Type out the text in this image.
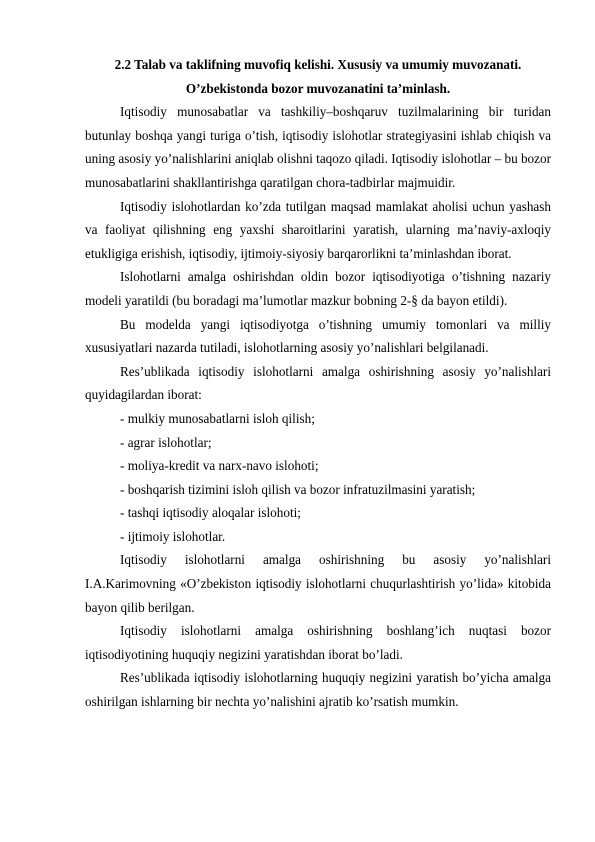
2.2 Talab va taklifning muvofiq kelishi. Xususiy va umumiy muvozanati.

O’zbekistonda bozor muvozanatini ta’minlash.

Iqtisodiy munosabatlar va tashkiliy–boshqaruv tuzilmalarining bir turidan butunlay boshqa yangi turiga o’tish, iqtisodiy islohotlar strategiyasini ishlab chiqish va uning asosiy yo’nalishlarini aniqlab olishni taqozo qiladi. Iqtisodiy islohotlar – bu bozor munosabatlarini shakllantirishga qaratilgan chora-tadbirlar majmuidir.

Iqtisodiy islohotlardan ko’zda tutilgan maqsad mamlakat aholisi uchun yashash va faoliyat qilishning eng yaxshi sharoitlarini yaratish, ularning ma’naviy-axloqiy etukligiga erishish, iqtisodiy, ijtimoiy-siyosiy barqarorlikni ta’minlashdan iborat.

Islohotlarni amalga oshirishdan oldin bozor iqtisodiyotiga o’tishning nazariy modeli yaratildi (bu boradagi ma’lumotlar mazkur bobning 2-§ da bayon etildi).

Bu modelda yangi iqtisodiyotga o’tishning umumiy tomonlari va milliy xususiyatlari nazarda tutiladi, islohotlarning asosiy yo’nalishlari belgilanadi.

Res’ublikada iqtisodiy islohotlarni amalga oshirishning asosiy yo’nalishlari quyidagilardan iborat:

- mulkiy munosabatlarni isloh qilish;

- agrar islohotlar;

- moliya-kredit va narx-navo islohoti;

- boshqarish tizimini isloh qilish va bozor infratuzilmasini yaratish;

- tashqi iqtisodiy aloqalar islohoti;

- ijtimoiy islohotlar.

Iqtisodiy islohotlarni amalga oshirishning bu asosiy yo’nalishlari I.A.Karimovning «O’zbekiston iqtisodiy islohotlarni chuqurlashtirish yo’lida» kitobida bayon qilib berilgan.

Iqtisodiy islohotlarni amalga oshirishning boshlang’ich nuqtasi bozor iqtisodiyotining huquqiy negizini yaratishdan iborat bo’ladi.

Res’ublikada iqtisodiy islohotlarning huquqiy negizini yaratish bo’yicha amalga oshirilgan ishlarning bir nechta yo’nalishini ajratib ko’rsatish mumkin.
